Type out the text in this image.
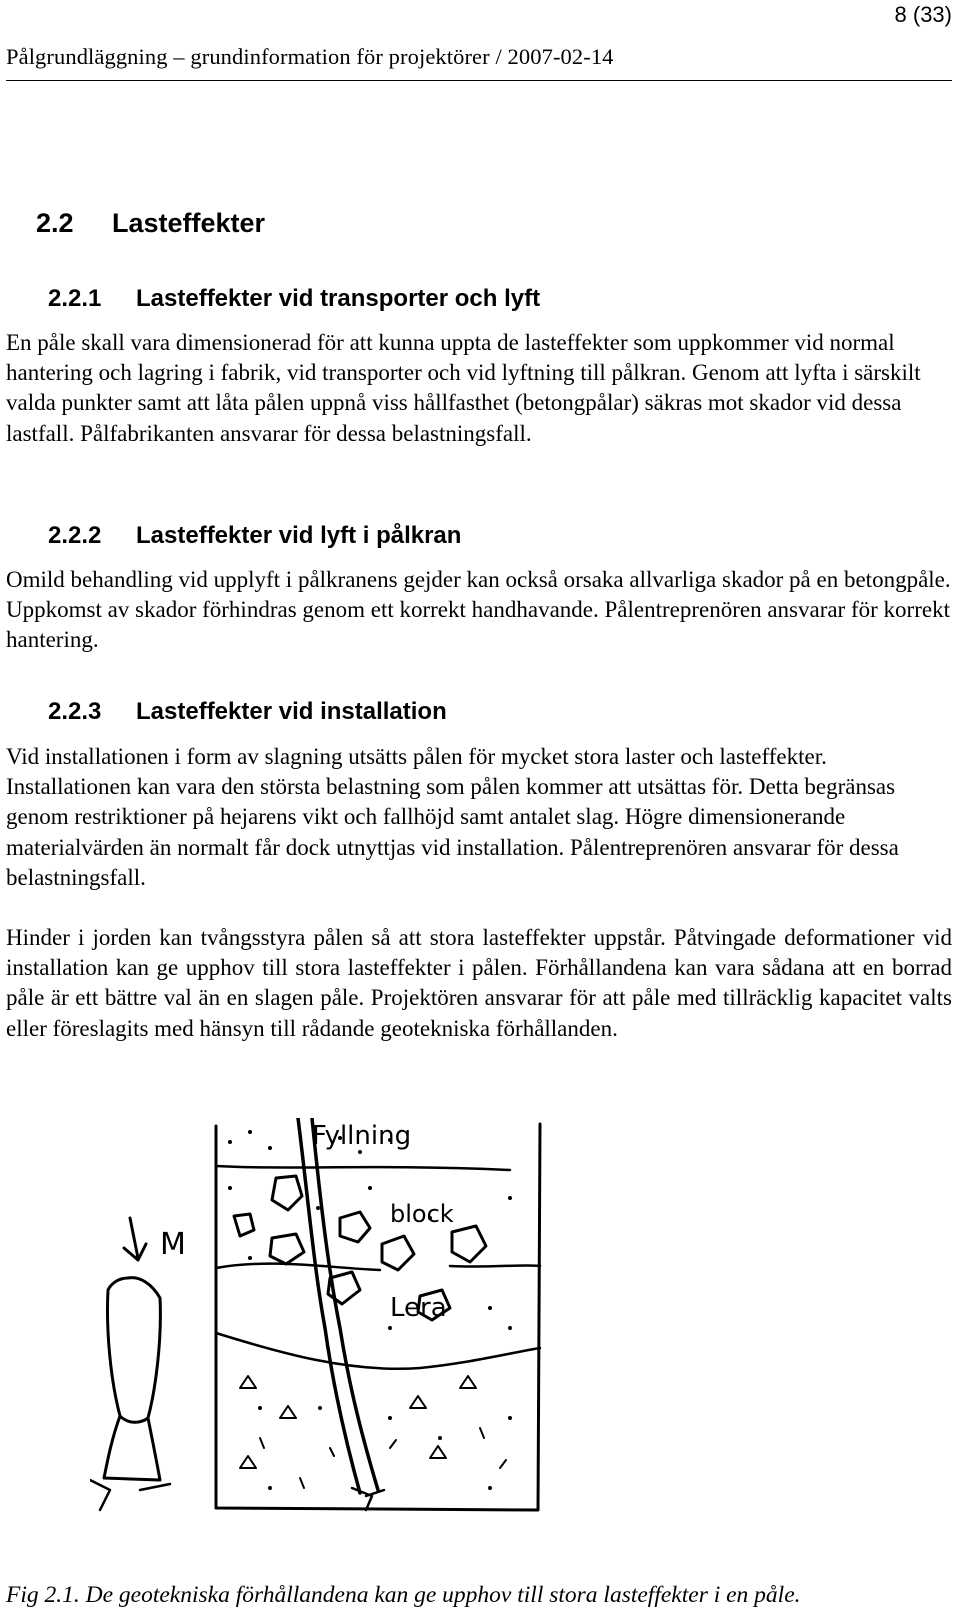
8 (33)
Pålgrundläggning – grundinformation för projektörer / 2007-02-14
2.2 Lasteffekter
2.2.1 Lasteffekter vid transporter och lyft

En påle skall vara dimensionerad för att kunna uppta de lasteffekter som uppkommer vid normal hantering och lagring i fabrik, vid transporter och vid lyftning till pålkran. Genom att lyfta i särskilt valda punkter samt att låta pålen uppnå viss hållfasthet (betongpålar) säkras mot skador vid dessa lastfall. Pålfabrikanten ansvarar för dessa belastningsfall.

2.2.2 Lasteffekter vid lyft i pålkran

Omild behandling vid upplyft i pålkranens gejder kan också orsaka allvarliga skador på en betongpåle. Uppkomst av skador förhindras genom ett korrekt handhavande. Pålentreprenören ansvarar för korrekt hantering.

2.2.3 Lasteffekter vid installation

Vid installationen i form av slagning utsätts pålen för mycket stora laster och lasteffekter. Installationen kan vara den största belastning som pålen kommer att utsättas för. Detta begränsas genom restriktioner på hejarens vikt och fallhöjd samt antalet slag. Högre dimensionerande materialvärden än normalt får dock utnyttjas vid installation. Pålentreprenören ansvarar för dessa belastningsfall.

Hinder i jorden kan tvångsstyra pålen så att stora lasteffekter uppstår. Påtvingade deformationer vid installation kan ge upphov till stora lasteffekter i pålen. Förhållandena kan vara sådana att en borrad påle är ett bättre val än en slagen påle. Projektören ansvarar för att påle med tillräcklig kapacitet valts eller föreslagits med hänsyn till rådande geotekniska förhållanden.

Fyllning
block
Lera
M
Fig 2.1. De geotekniska förhållandena kan ge upphov till stora lasteffekter i en påle.
